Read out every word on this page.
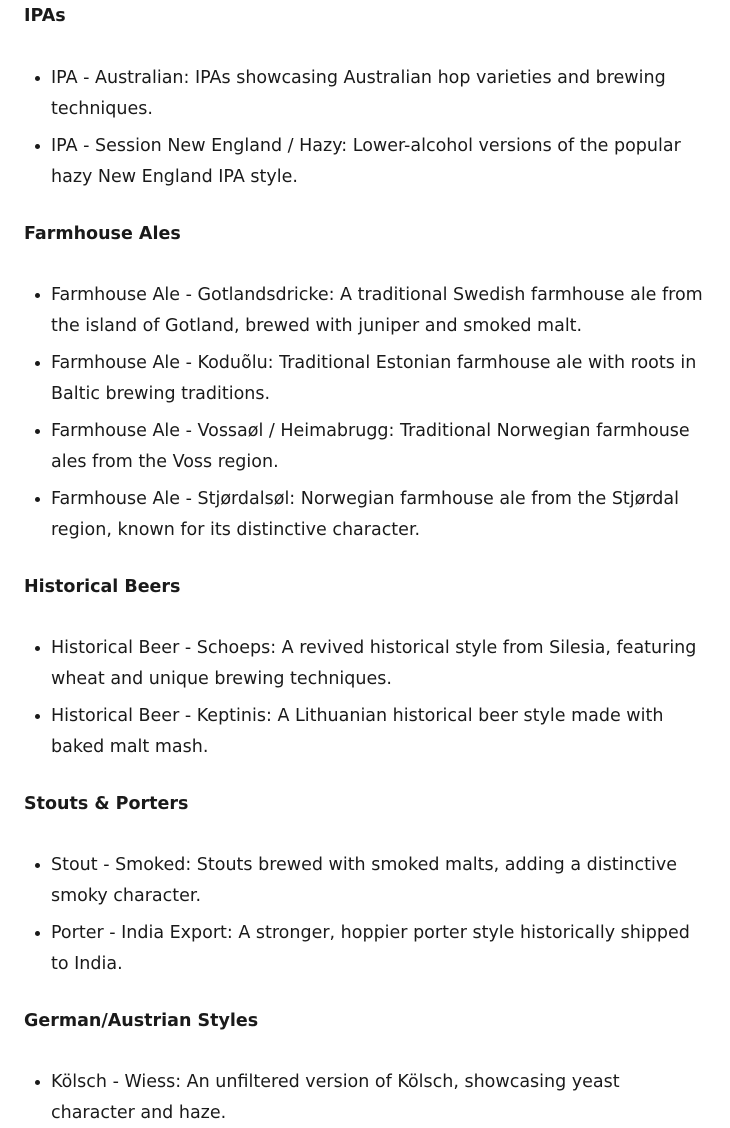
IPAs
• IPA - Australian: IPAs showcasing Australian hop varieties and brewing techniques.
• IPA - Session New England / Hazy: Lower-alcohol versions of the popular hazy New England IPA style.
Farmhouse Ales
• Farmhouse Ale - Gotlandsdricke: A traditional Swedish farmhouse ale from the island of Gotland, brewed with juniper and smoked malt.
• Farmhouse Ale - Koduõlu: Traditional Estonian farmhouse ale with roots in Baltic brewing traditions.
• Farmhouse Ale - Vossaøl / Heimabrugg: Traditional Norwegian farmhouse ales from the Voss region.
• Farmhouse Ale - Stjørdalsøl: Norwegian farmhouse ale from the Stjørdal region, known for its distinctive character.
Historical Beers
• Historical Beer - Schoeps: A revived historical style from Silesia, featuring wheat and unique brewing techniques.
• Historical Beer - Keptinis: A Lithuanian historical beer style made with baked malt mash.
Stouts & Porters
• Stout - Smoked: Stouts brewed with smoked malts, adding a distinctive smoky character.
• Porter - India Export: A stronger, hoppier porter style historically shipped to India.
German/Austrian Styles
• Kölsch - Wiess: An unfiltered version of Kölsch, showcasing yeast character and haze.
